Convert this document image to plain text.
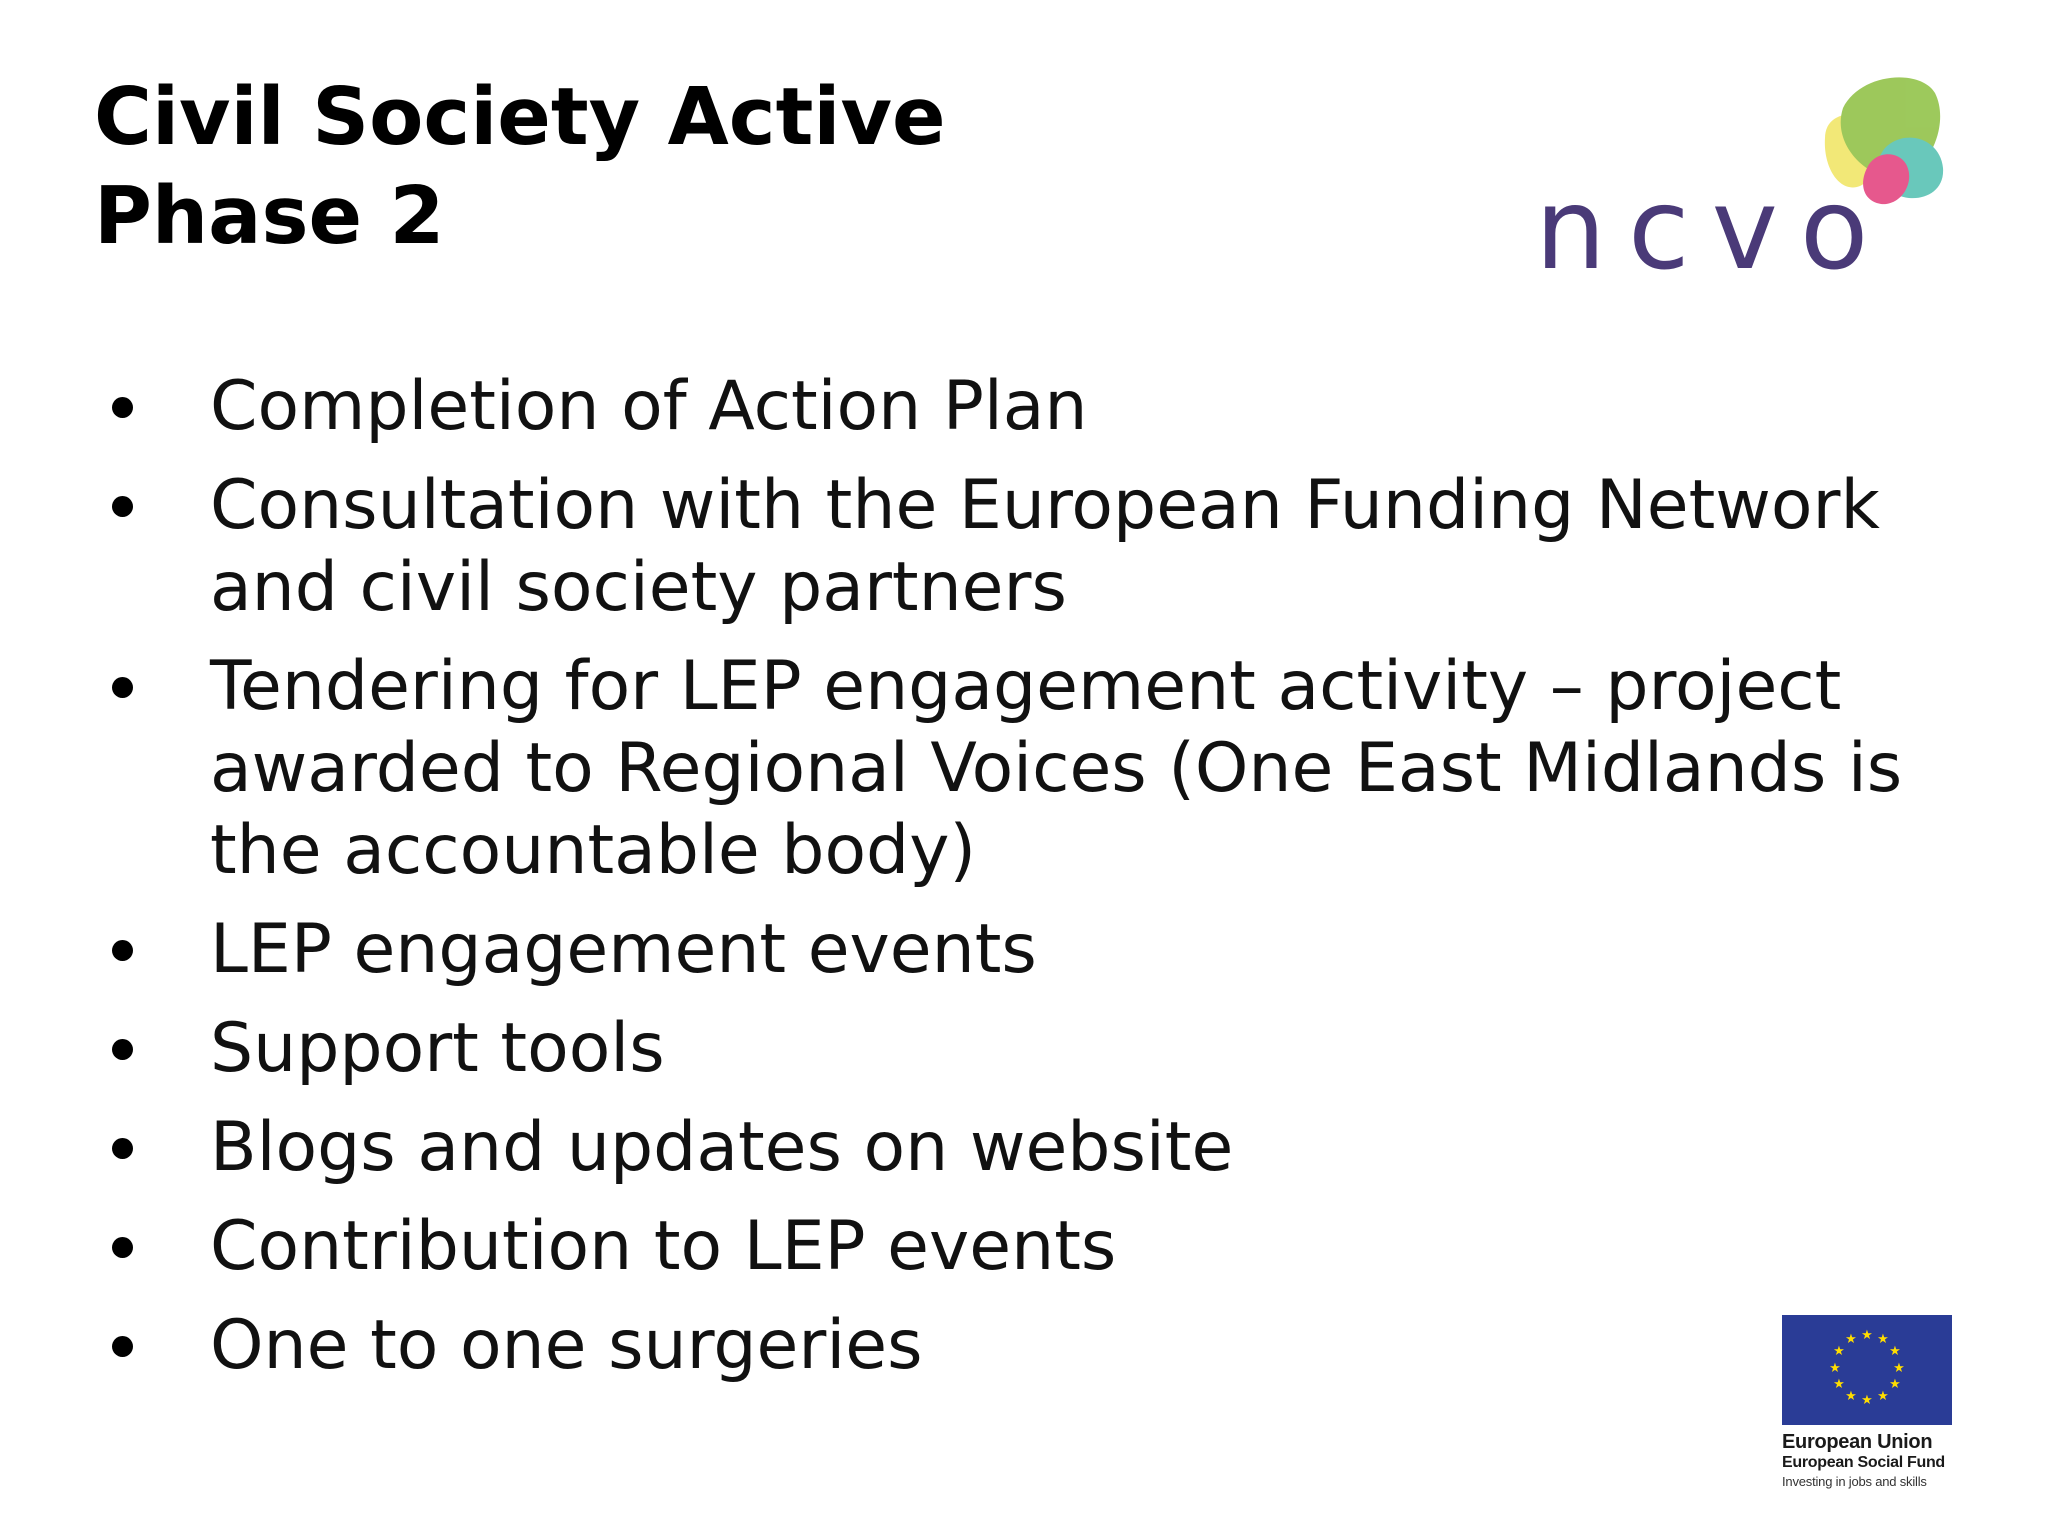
Civil Society Active
Phase 2	ncvo
Completion of Action Plan
Consultation with the European Funding Network and civil society partners
Tendering for LEP engagement activity – project awarded to Regional Voices (One East Midlands is the accountable body)
LEP engagement events
Support tools
Blogs and updates on website
Contribution to LEP events
One to one surgeries	★ ★
★
★
★
★
★
★
★
★
★
★
European Union
European Social Fund
Investing in jobs and skills
